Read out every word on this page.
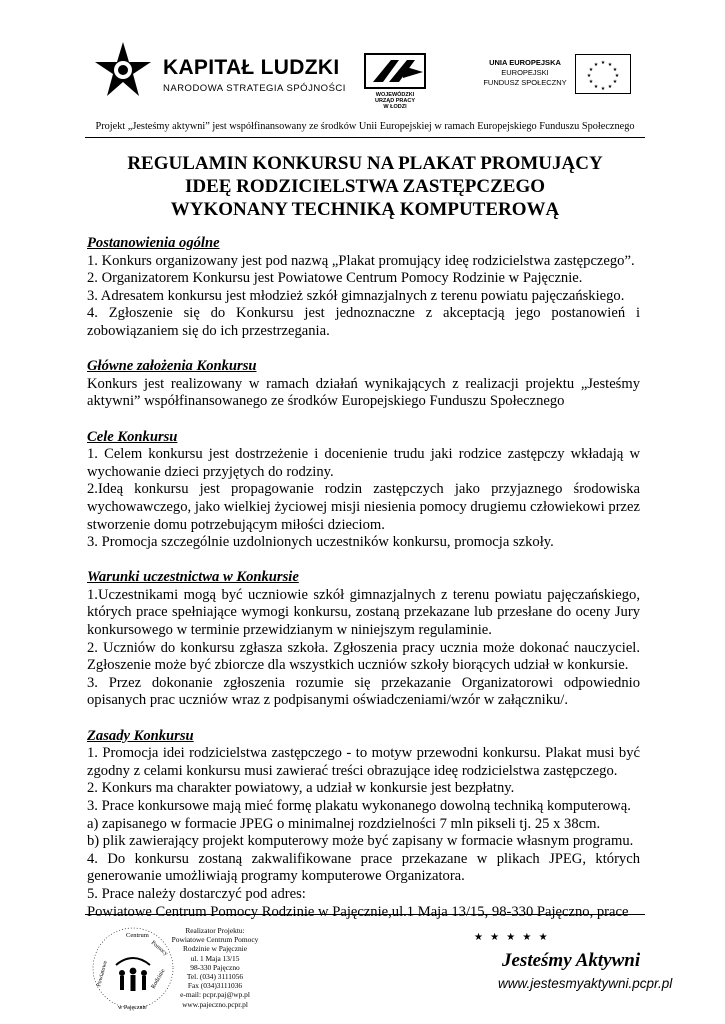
KAPITAŁ LUDZKI
NARODOWA STRATEGIA SPÓJNOŚCI
WOJEWÓDZKI
URZĄD PRACY
W ŁODZI
UNIA EUROPEJSKA
EUROPEJSKI
FUNDUSZ SPOŁECZNY
★ ★
★
★
★
★
★
★
★
★
★
★
Projekt „Jesteśmy aktywni” jest współfinansowany ze środków Unii Europejskiej w ramach Europejskiego Funduszu Społecznego
REGULAMIN KONKURSU NA PLAKAT PROMUJĄCY
IDEĘ RODZICIELSTWA ZASTĘPCZEGO
WYKONANY TECHNIKĄ KOMPUTEROWĄ

Postanowienia ogólne

1. Konkurs organizowany jest pod nazwą „Plakat promujący ideę rodzicielstwa zastępczego”.

2. Organizatorem Konkursu jest Powiatowe Centrum Pomocy Rodzinie w Pajęcznie.

3. Adresatem konkursu jest młodzież szkół gimnazjalnych z terenu powiatu pajęczańskiego.

4. Zgłoszenie się do Konkursu jest jednoznaczne z akceptacją jego postanowień i zobowiązaniem się do ich przestrzegania.

Główne założenia Konkursu

Konkurs jest realizowany w ramach działań wynikających z realizacji projektu „Jesteśmy aktywni” współfinansowanego ze środków Europejskiego Funduszu Społecznego

Cele Konkursu

1. Celem konkursu jest dostrzeżenie i docenienie trudu jaki rodzice zastępczy wkładają w wychowanie dzieci przyjętych do rodziny.

2.Ideą konkursu jest propagowanie rodzin zastępczych jako przyjaznego środowiska wychowawczego, jako wielkiej życiowej misji niesienia pomocy drugiemu człowiekowi przez stworzenie domu potrzebującym miłości dzieciom.

3. Promocja szczególnie uzdolnionych uczestników konkursu, promocja szkoły.

Warunki uczestnictwa w Konkursie

1.Uczestnikami mogą być uczniowie szkół gimnazjalnych z terenu powiatu pajęczańskiego, których prace spełniające wymogi konkursu, zostaną przekazane lub przesłane do oceny Jury konkursowego w terminie przewidzianym w niniejszym regulaminie.

2. Uczniów do konkursu zgłasza szkoła. Zgłoszenia pracy ucznia może dokonać nauczyciel. Zgłoszenie może być zbiorcze dla wszystkich uczniów szkoły biorących udział w konkursie.

3. Przez dokonanie zgłoszenia rozumie się przekazanie Organizatorowi odpowiednio opisanych prac uczniów wraz z podpisanymi oświadczeniami/wzór w załączniku/.

Zasady Konkursu

1. Promocja idei rodzicielstwa zastępczego - to motyw przewodni konkursu. Plakat musi być zgodny z celami konkursu musi zawierać treści obrazujące ideę rodzicielstwa zastępczego.

2. Konkurs ma charakter powiatowy, a udział w konkursie jest bezpłatny.

3. Prace konkursowe mają mieć formę plakatu wykonanego dowolną techniką komputerową.

a) zapisanego w formacie JPEG o minimalnej rozdzielności 7 mln pikseli tj. 25 x 38cm.

b) plik zawierający projekt komputerowy może być zapisany w formacie własnym programu.

4. Do konkursu zostaną zakwalifikowane prace przekazane w plikach JPEG, których generowanie umożliwiają programy komputerowe Organizatora.

5. Prace należy dostarczyć pod adres:

Powiatowe Centrum Pomocy Rodzinie w Pajęcznie,ul.1 Maja 13/15, 98-330 Pajęczno, prace

Centrum
Pomocy
Powiatowe
w Pajęcznie
Rodzinie
Realizator Projektu:
Powiatowe Centrum Pomocy
Rodzinie w Pajęcznie
ul. 1 Maja 13/15
98-330 Pajęczno
Tel. (034) 3111056
Fax (034)3111036
e-mail: pcpr.paj@wp.pl
www.pajeczno.pcpr.pl
★ ★ ★ ★ ★
Jesteśmy Aktywni
www.jestesmyaktywni.pcpr.pl
